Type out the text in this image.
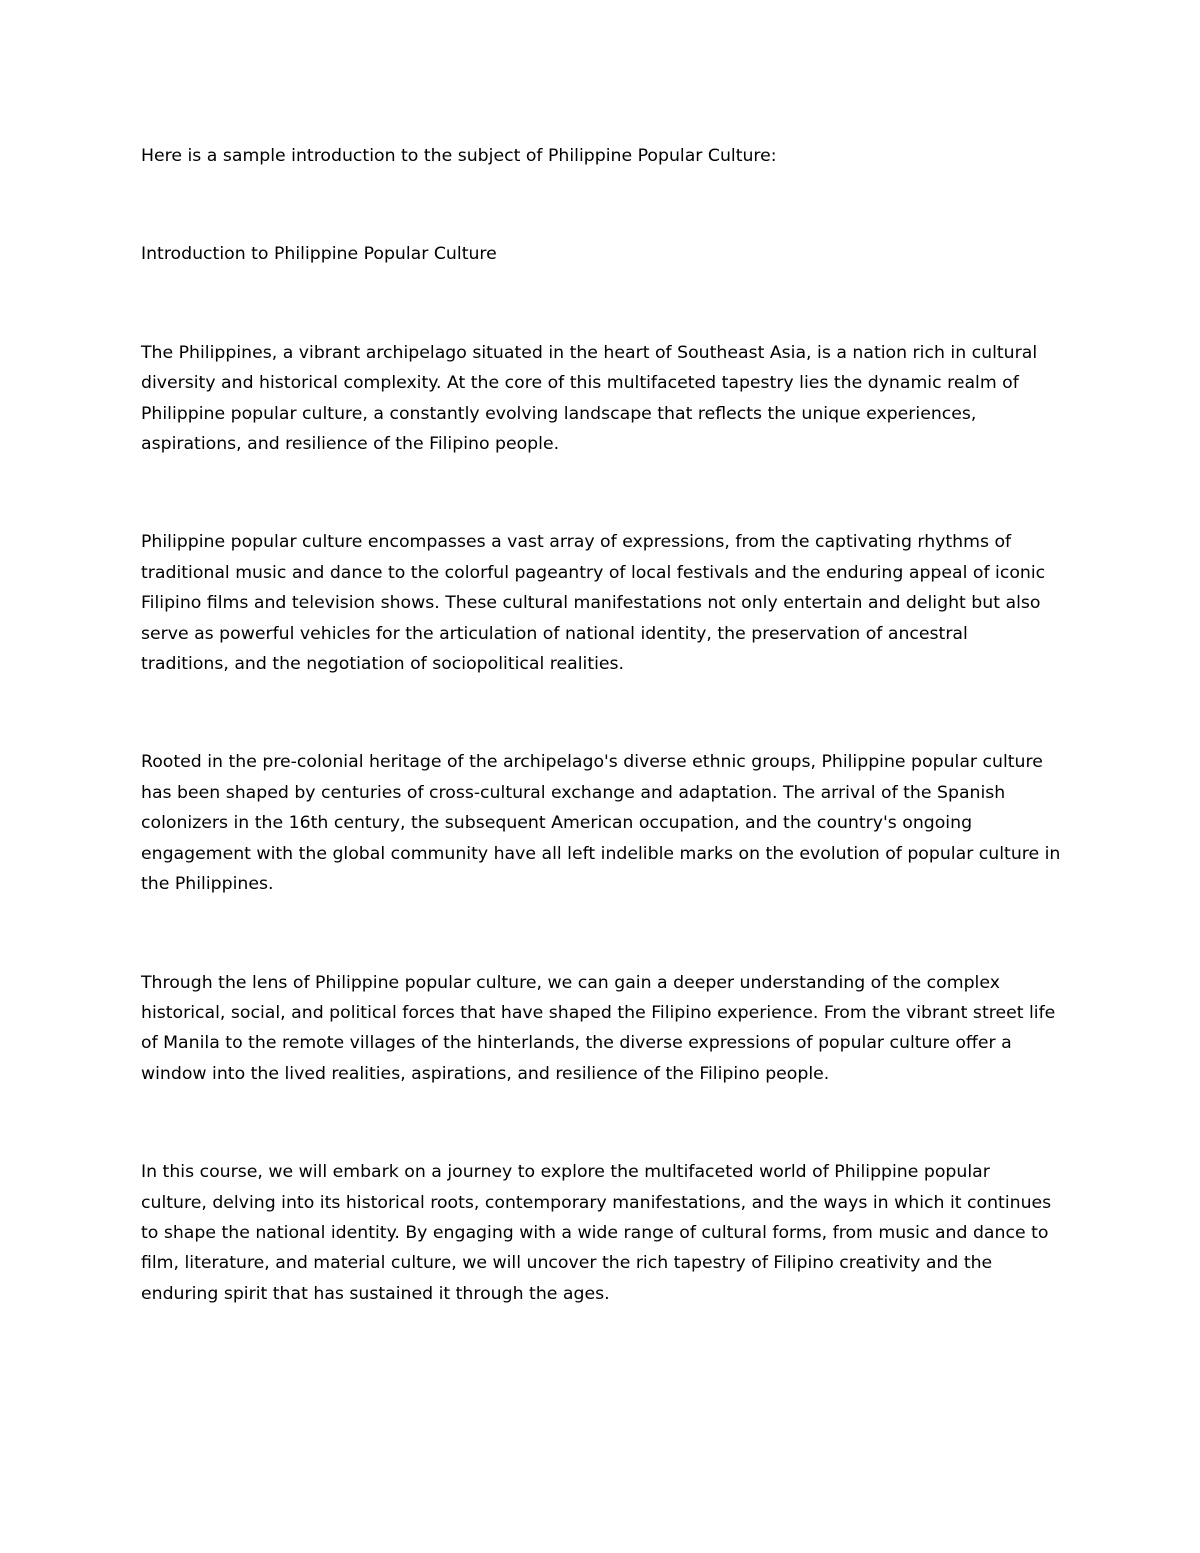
Here is a sample introduction to the subject of Philippine Popular Culture:

Introduction to Philippine Popular Culture

The Philippines, a vibrant archipelago situated in the heart of Southeast Asia, is a nation rich in cultural diversity and historical complexity. At the core of this multifaceted tapestry lies the dynamic realm of Philippine popular culture, a constantly evolving landscape that reflects the unique experiences, aspirations, and resilience of the Filipino people.

Philippine popular culture encompasses a vast array of expressions, from the captivating rhythms of traditional music and dance to the colorful pageantry of local festivals and the enduring appeal of iconic Filipino films and television shows. These cultural manifestations not only entertain and delight but also serve as powerful vehicles for the articulation of national identity, the preservation of ancestral traditions, and the negotiation of sociopolitical realities.

Rooted in the pre-colonial heritage of the archipelago's diverse ethnic groups, Philippine popular culture has been shaped by centuries of cross-cultural exchange and adaptation. The arrival of the Spanish colonizers in the 16th century, the subsequent American occupation, and the country's ongoing engagement with the global community have all left indelible marks on the evolution of popular culture in the Philippines.

Through the lens of Philippine popular culture, we can gain a deeper understanding of the complex historical, social, and political forces that have shaped the Filipino experience. From the vibrant street life of Manila to the remote villages of the hinterlands, the diverse expressions of popular culture offer a window into the lived realities, aspirations, and resilience of the Filipino people.

In this course, we will embark on a journey to explore the multifaceted world of Philippine popular culture, delving into its historical roots, contemporary manifestations, and the ways in which it continues to shape the national identity. By engaging with a wide range of cultural forms, from music and dance to film, literature, and material culture, we will uncover the rich tapestry of Filipino creativity and the enduring spirit that has sustained it through the ages.
